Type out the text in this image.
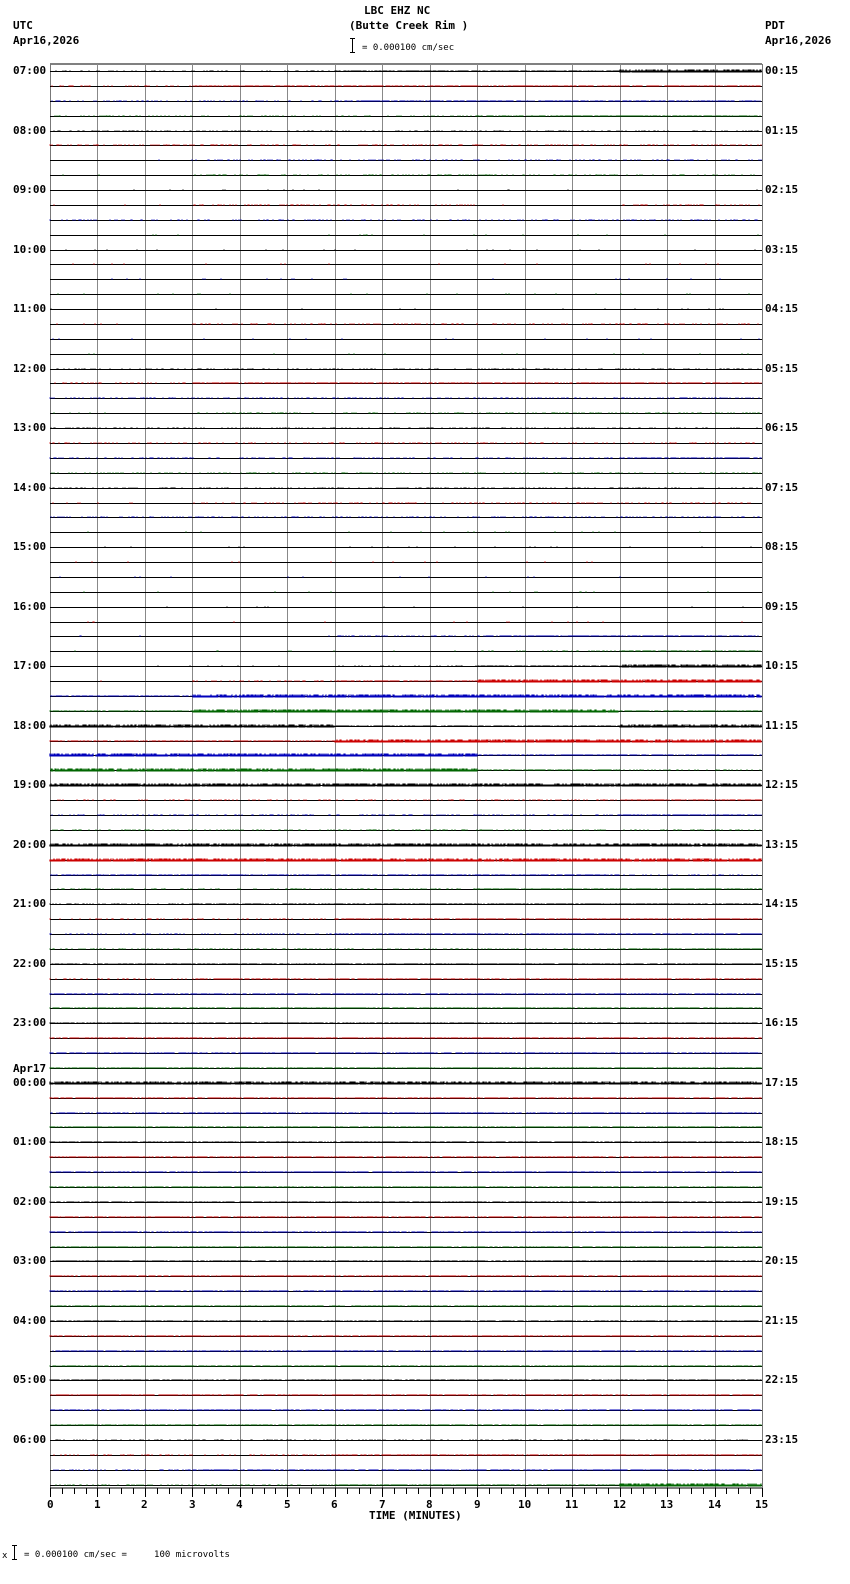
LBC EHZ NC
(Butte Creek Rim )
= 0.000100 cm/sec
UTC
Apr16,2026
PDT
Apr16,2026
07:00
08:00
09:00
10:00
11:00
12:00
13:00
14:00
15:00
16:00
17:00
18:00
19:00
20:00
21:00
22:00
23:00
00:00
Apr17
01:00
02:00
03:00
04:00
05:00
06:00
00:15
01:15
02:15
03:15
04:15
05:15
06:15
07:15
08:15
09:15
10:15
11:15
12:15
13:15
14:15
15:15
16:15
17:15
18:15
19:15
20:15
21:15
22:15
23:15
0	1	2	3	4	5	6	7	8	9	10	11	12	13	14	15
TIME (MINUTES)
x = 0.000100 cm/sec =     100 microvolts
